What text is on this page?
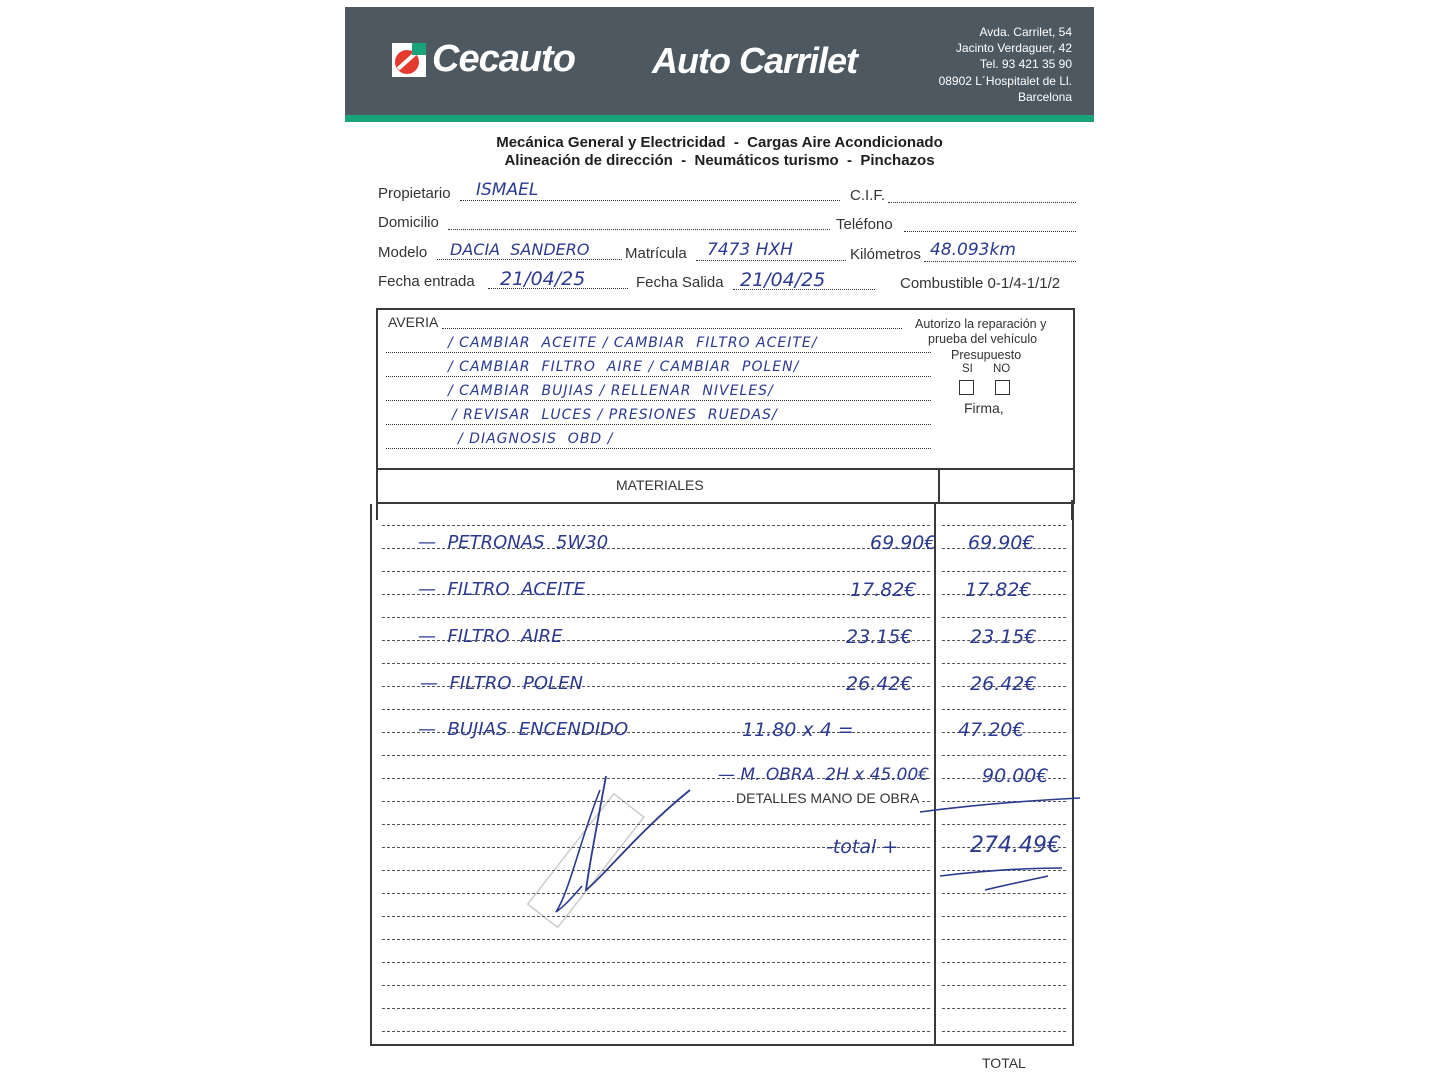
Cecauto Auto Carrilet
Avda. Carrilet, 54
Jacinto Verdaguer, 42
Tel. 93 421 35 90
08902 L´Hospitalet de Ll.
Barcelona
Mecánica General y Electricidad  -  Cargas Aire Acondicionado
Alineación de dirección  -  Neumáticos turismo  -  Pinchazos
Propietario ISMAEL	C.I.F.
Domicilio	Teléfono
Modelo DACIA  SANDERO Matrícula 7473 HXH	Kilómetros 48.093km
Fecha entrada 21/04/25	Fecha Salida 21/04/25	Combustible 0-1/4-1/1/2
AVERIA
/ CAMBIAR  ACEITE / CAMBIAR  FILTRO ACEITE/
/ CAMBIAR  FILTRO  AIRE / CAMBIAR  POLEN/
/ CAMBIAR  BUJIAS / RELLENAR  NIVELES/
/ REVISAR  LUCES / PRESIONES  RUEDAS/
/ DIAGNOSIS  OBD /
Autorizo la reparación y
prueba del vehículo
Presupuesto
SI NO
Firma,
MATERIALES
—  PETRONAS  5W30	69.90€ 69.90€
—  FILTRO  ACEITE	17.82€	17.82€
—  FILTRO  AIRE	23.15€	23.15€
—  FILTRO  POLEN	26.42€	26.42€
—  BUJIAS  ENCENDIDO	11.80 x 4 =	47.20€
— M. OBRA  2H x 45.00€	90.00€
DETALLES MANO DE OBRA
-total +	274.49€
TOTAL
